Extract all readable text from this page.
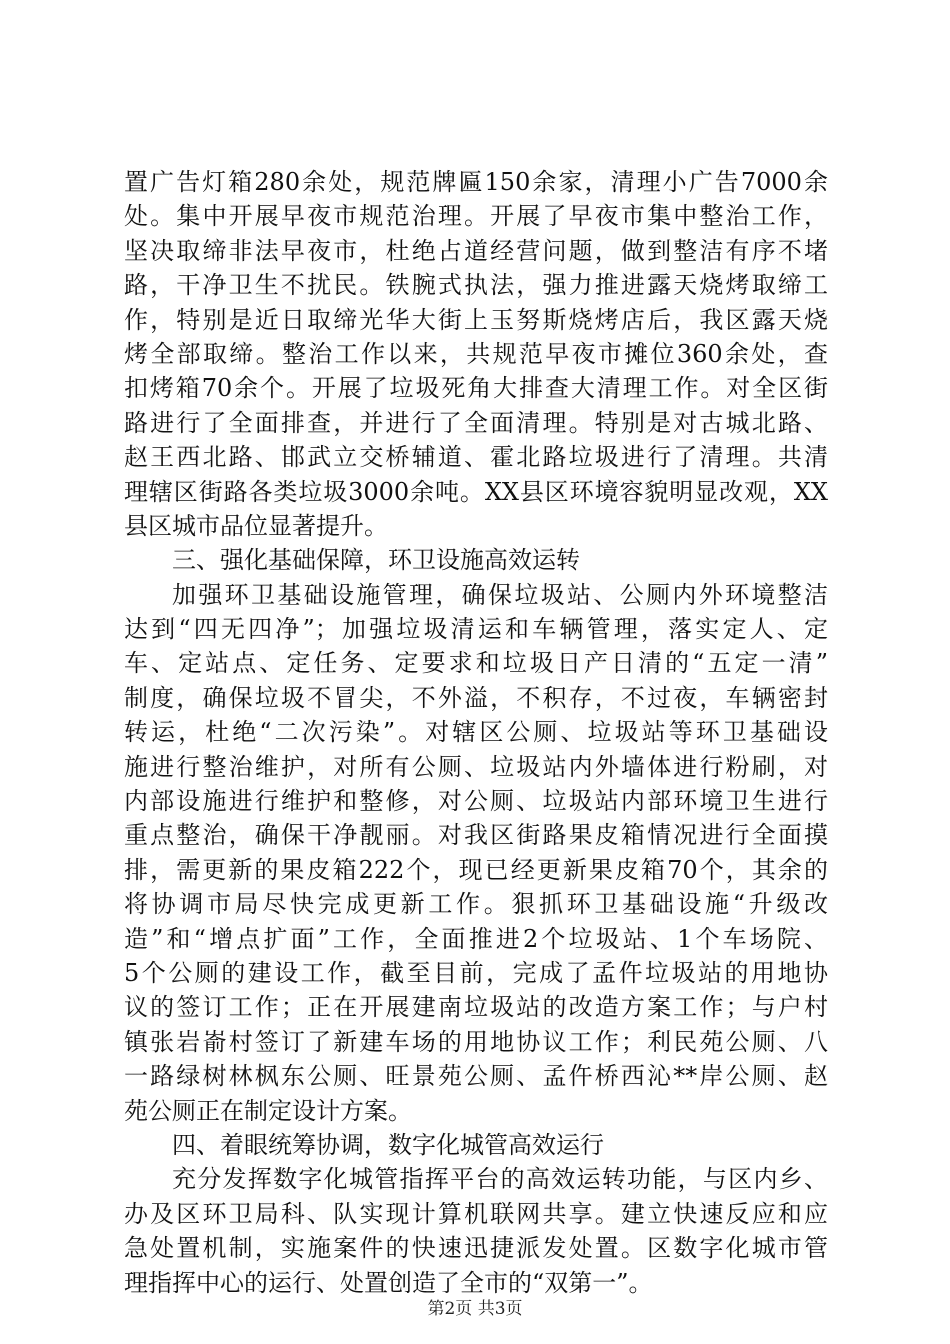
置广告灯箱280余处，规范牌匾150余家，清理小广告7000余
处。集中开展早夜市规范治理。开展了早夜市集中整治工作，
坚决取缔非法早夜市，杜绝占道经营问题，做到整洁有序不堵
路，干净卫生不扰民。铁腕式执法，强力推进露天烧烤取缔工
作，特别是近日取缔光华大街上玉努斯烧烤店后，我区露天烧
烤全部取缔。整治工作以来，共规范早夜市摊位360余处，查
扣烤箱70余个。开展了垃圾死角大排查大清理工作。对全区街
路进行了全面排查，并进行了全面清理。特别是对古城北路、
赵王西北路、邯武立交桥辅道、霍北路垃圾进行了清理。共清
理辖区街路各类垃圾3000余吨。XX县区环境容貌明显改观，XX
县区城市品位显著提升。
三、强化基础保障，环卫设施高效运转
加强环卫基础设施管理，确保垃圾站、公厕内外环境整洁
达到“四无四净”；加强垃圾清运和车辆管理，落实定人、定
车、定站点、定任务、定要求和垃圾日产日清的“五定一清”
制度，确保垃圾不冒尖，不外溢，不积存，不过夜，车辆密封
转运，杜绝“二次污染”。对辖区公厕、垃圾站等环卫基础设
施进行整治维护，对所有公厕、垃圾站内外墙体进行粉刷，对
内部设施进行维护和整修，对公厕、垃圾站内部环境卫生进行
重点整治，确保干净靓丽。对我区街路果皮箱情况进行全面摸
排，需更新的果皮箱222个，现已经更新果皮箱70个，其余的
将协调市局尽快完成更新工作。狠抓环卫基础设施“升级改
造”和“增点扩面”工作，全面推进2个垃圾站、1个车场院、
5个公厕的建设工作，截至目前，完成了孟仵垃圾站的用地协
议的签订工作；正在开展建南垃圾站的改造方案工作；与户村
镇张岩嵛村签订了新建车场的用地协议工作；利民苑公厕、八
一路绿树林枫东公厕、旺景苑公厕、孟仵桥西沁**岸公厕、赵
苑公厕正在制定设计方案。
四、着眼统筹协调，数字化城管高效运行
充分发挥数字化城管指挥平台的高效运转功能，与区内乡、
办及区环卫局科、队实现计算机联网共享。建立快速反应和应
急处置机制，实施案件的快速迅捷派发处置。区数字化城市管
理指挥中心的运行、处置创造了全市的“双第一”。
第2页 共3页
